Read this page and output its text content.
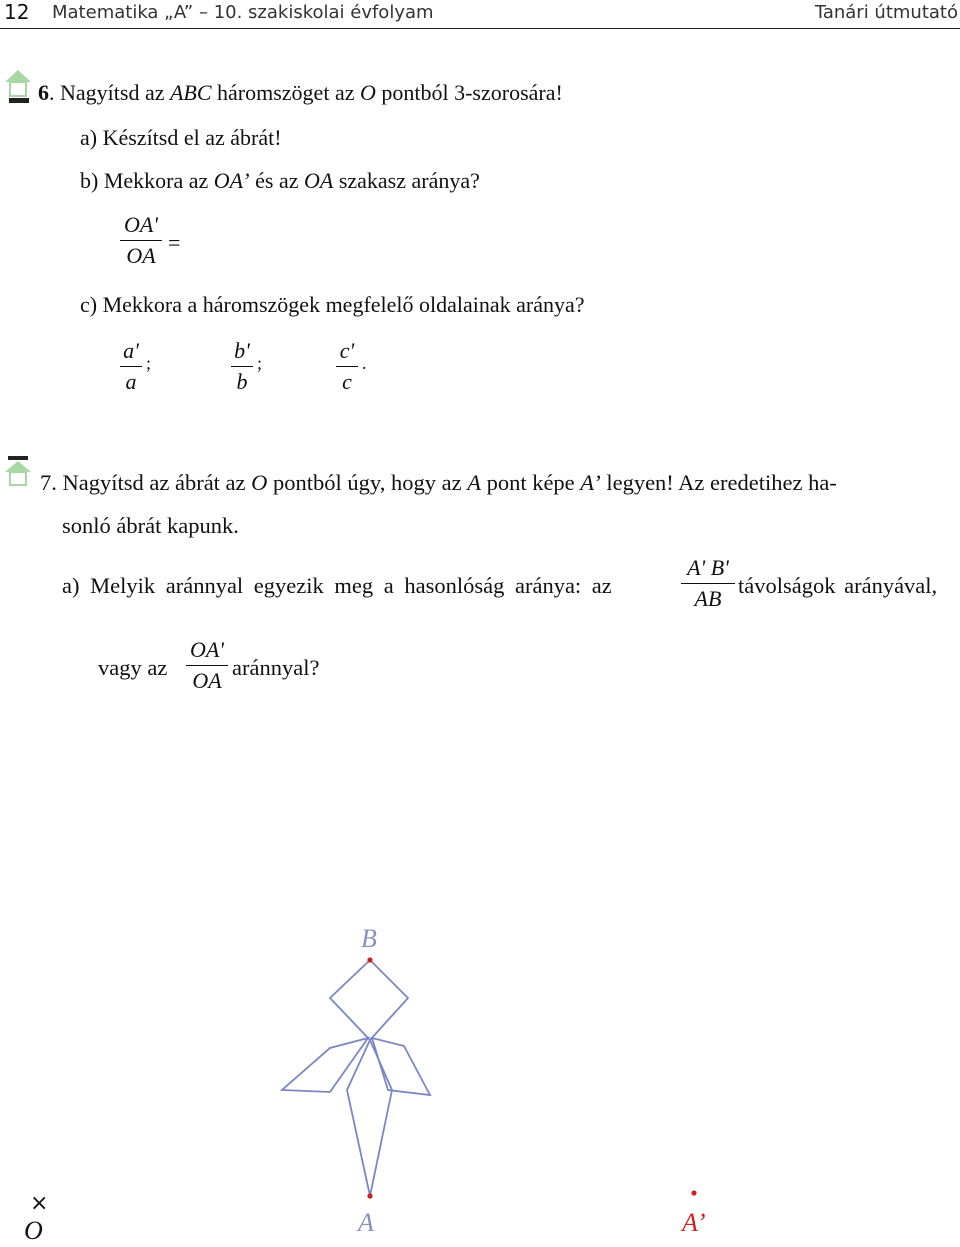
12 Matematika „A” – 10. szakiskolai évfolyam	Tanári útmutató
6. Nagyítsd az ABC háromszöget az O pontból 3-szorosára!
a) Készítsd el az ábrát!
b) Mekkora az OA’ és az OA szakasz aránya?
OA'
OA
=
c) Mekkora a háromszögek megfelelő oldalainak aránya?
a'
a
;	b'
b
;	c'
c
.
7. Nagyítsd az ábrát az O pontból úgy, hogy az A pont képe A’ legyen! Az eredetihez ha-
sonló ábrát kapunk.
a) Melyik aránnyal egyezik meg a hasonlóság aránya: az
A' B'
AB
távolságok arányával,
vagy az
OA'
OA
aránnyal?
B
A	A’
O
×
